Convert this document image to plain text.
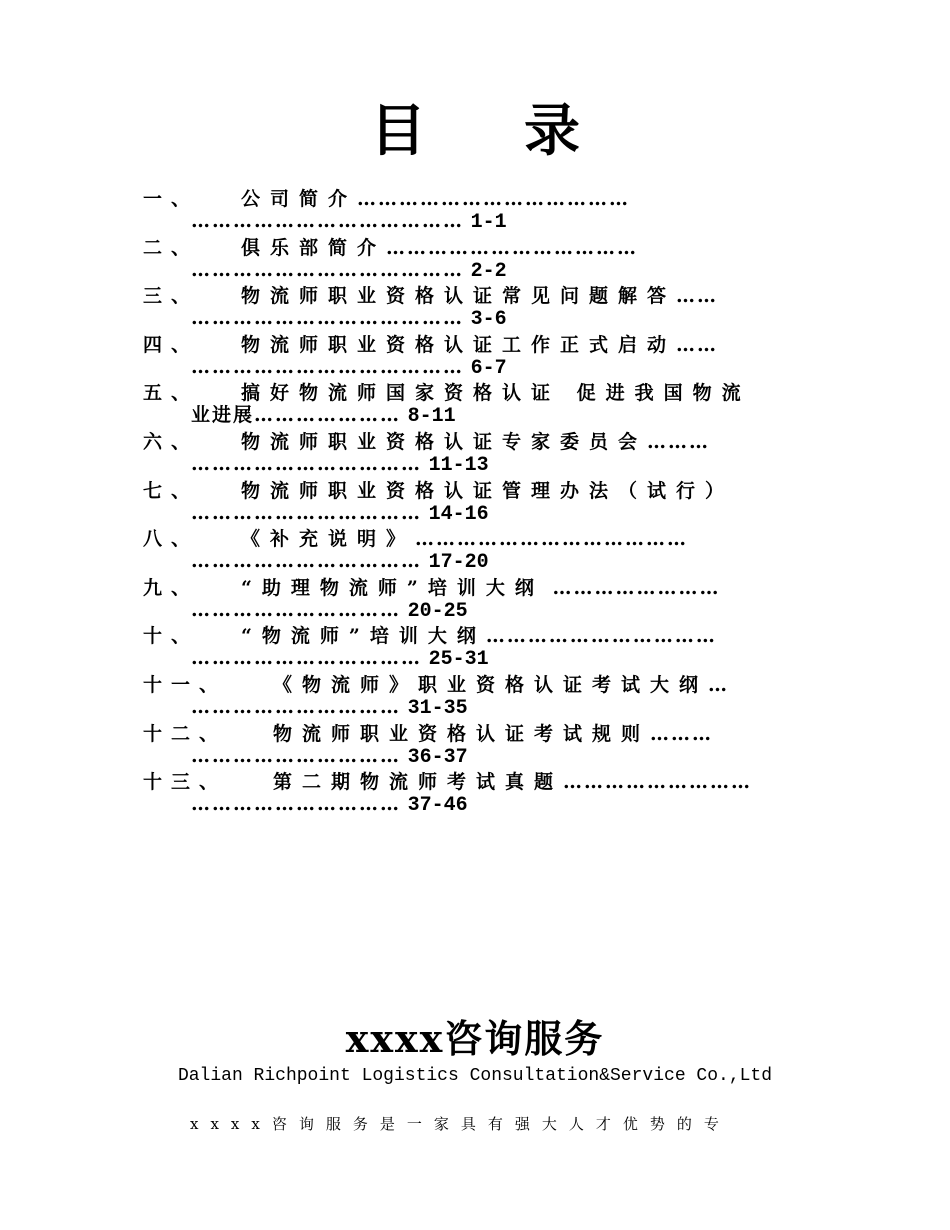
目录
一、 公司简介…………………………………
………………………………… 1-1
二、 俱乐部简介………………………………
………………………………… 2-2
三、 物流师职业资格认证常见问题解答……
………………………………… 3-6
四、 物流师职业资格认证工作正式启动……
………………………………… 6-7
五、 搞好物流师国家资格认证 促进我国物流
业进展………………… 8-11
六、 物流师职业资格认证专家委员会………
…………………………… 11-13
七、 物流师职业资格认证管理办法（试行）
…………………………… 14-16
八、 《补充说明》…………………………………
…………………………… 17-20
九、 “助理物流师”培训大纲 ……………………
………………………… 20-25
十、 “物流师”培训大纲……………………………
…………………………… 25-31
十一、 《物流师》职业资格认证考试大纲…
………………………… 31-35
十二、 物流师职业资格认证考试规则………
………………………… 36-37
十三、 第二期物流师考试真题………………………
………………………… 37-46
xxxx咨询服务
Dalian Richpoint Logistics Consultation&Service Co.,Ltd
xxxx咨询服务是一家具有强大人才优势的专
